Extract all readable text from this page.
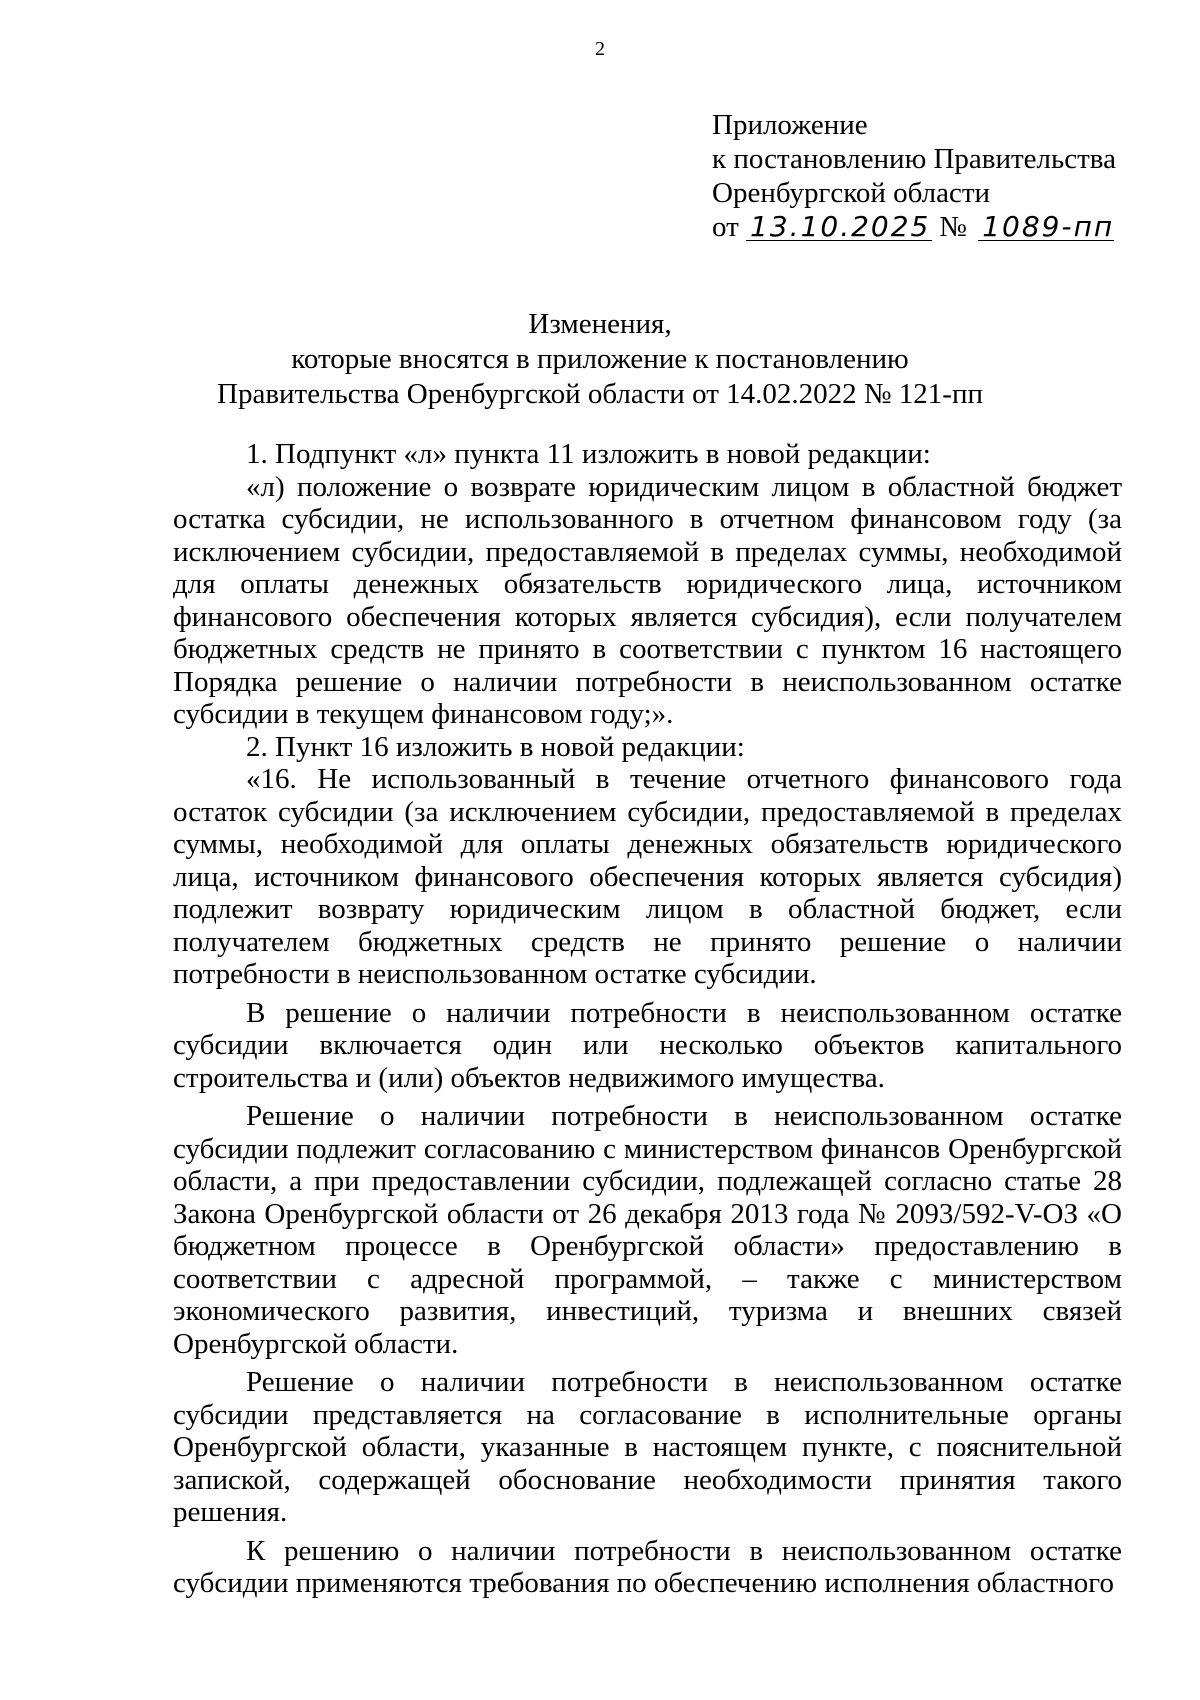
2
Приложение
к постановлению Правительства
Оренбургской области
от 13.10.2025 № 1089-пп
Изменения,
которые вносятся в приложение к постановлению
Правительства Оренбургской области от 14.02.2022 № 121-пп

1. Подпункт «л» пункта 11 изложить в новой редакции:

«л) положение о возврате юридическим лицом в областной бюджет остатка субсидии, не использованного в отчетном финансовом году (за исключением субсидии, предоставляемой в пределах суммы, необходимой для оплаты денежных обязательств юридического лица, источником финансового обеспечения которых является субсидия), если получателем бюджетных средств не принято в соответствии с пунктом 16 настоящего Порядка решение о наличии потребности в неиспользованном остатке субсидии в текущем финансовом году;».

2. Пункт 16 изложить в новой редакции:

«16. Не использованный в течение отчетного финансового года остаток субсидии (за исключением субсидии, предоставляемой в пределах суммы, необходимой для оплаты денежных обязательств юридического лица, источником финансового обеспечения которых является субсидия) подлежит возврату юридическим лицом в областной бюджет, если получателем бюджетных средств не принято решение о наличии потребности в неиспользованном остатке субсидии.

В решение о наличии потребности в неиспользованном остатке субсидии включается один или несколько объектов капитального строительства и (или) объектов недвижимого имущества.

Решение о наличии потребности в неиспользованном остатке субсидии подлежит согласованию с министерством финансов Оренбургской области, а при предоставлении субсидии, подлежащей согласно статье 28 Закона Оренбургской области от 26 декабря 2013 года № 2093/592-V-ОЗ «О бюджетном процессе в Оренбургской области» предоставлению в соответствии с адресной программой, – также с министерством экономического развития, инвестиций, туризма и внешних связей Оренбургской области.

Решение о наличии потребности в неиспользованном остатке субсидии представляется на согласование в исполнительные органы Оренбургской области, указанные в настоящем пункте, с пояснительной запиской, содержащей обоснование необходимости принятия такого решения.

К решению о наличии потребности в неиспользованном остатке субсидии применяются требования по обеспечению исполнения областного
